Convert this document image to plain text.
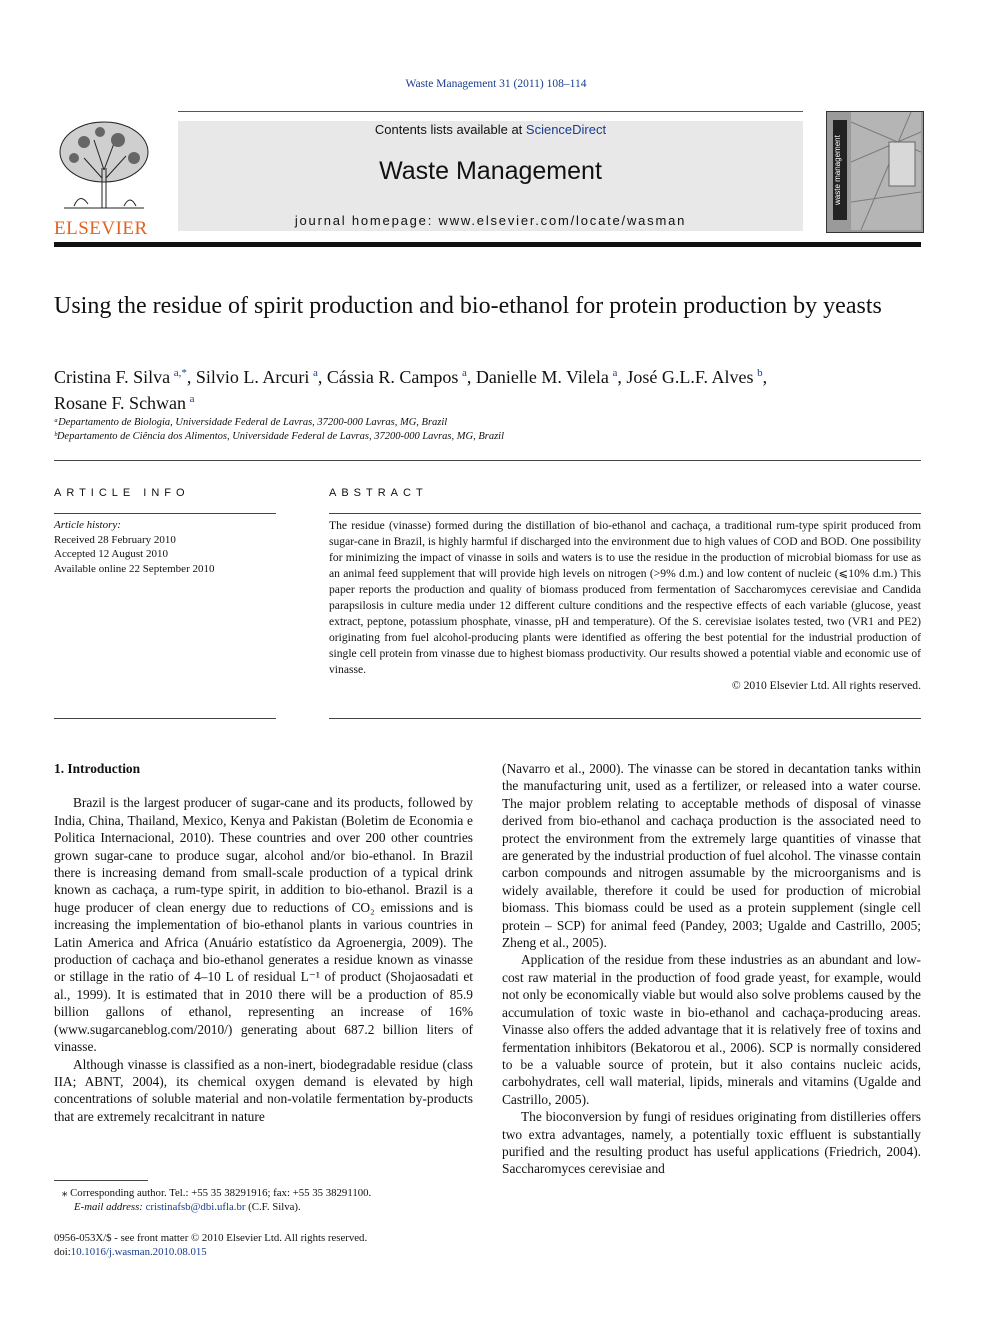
Waste Management 31 (2011) 108–114
ELSEVIER
Contents lists available at ScienceDirect
Waste Management
journal homepage: www.elsevier.com/locate/wasman
waste management
Using the residue of spirit production and bio-ethanol for protein production by yeasts
Cristina F. Silva  $^{a,*}$, Silvio L. Arcuri  $^a$, Cássia R. Campos  $^a$, Danielle M. Vilela  $^a$, José G.L.F. Alves  $^b$,
Rosane F. Schwan  $^a$
ᵃDepartamento de Biologia, Universidade Federal de Lavras, 37200-000 Lavras, MG, Brazil
ᵇDepartamento de Ciência dos Alimentos, Universidade Federal de Lavras, 37200-000 Lavras, MG, Brazil
ARTICLE INFO
Article history:
Received 28 February 2010
Accepted 12 August 2010
Available online 22 September 2010
ABSTRACT
The residue (vinasse) formed during the distillation of bio-ethanol and cachaça, a traditional rum-type spirit produced from sugar-cane in Brazil, is highly harmful if discharged into the environment due to high values of COD and BOD. One possibility for minimizing the impact of vinasse in soils and waters is to use the residue in the production of microbial biomass for use as an animal feed supplement that will provide high levels on nitrogen (>9% d.m.) and low content of nucleic (⩽10% d.m.) This paper reports the production and quality of biomass produced from fermentation of Saccharomyces cerevisiae and Candida parapsilosis in culture media under 12 different culture conditions and the respective effects of each variable (glucose, yeast extract, peptone, potassium phosphate, vinasse, pH and temperature). Of the S. cerevisiae isolates tested, two (VR1 and PE2) originating from fuel alcohol-producing plants were identified as offering the best potential for the industrial production of single cell protein from vinasse due to highest biomass productivity. Our results showed a potential viable and economic use of vinasse.
© 2010 Elsevier Ltd. All rights reserved.
1. Introduction

Brazil is the largest producer of sugar-cane and its products, followed by India, China, Thailand, Mexico, Kenya and Pakistan (Boletim de Economia e Politica Internacional, 2010). These countries and over 200 other countries grown sugar-cane to produce sugar, alcohol and/or bio-ethanol. In Brazil there is increasing demand from small-scale production of a typical drink known as cachaça, a rum-type spirit, in addition to bio-ethanol. Brazil is a huge producer of clean energy due to reductions of CO₂ emissions and is increasing the implementation of bio-ethanol plants in various countries in Latin America and Africa (Anuário estatístico da Agroenergia, 2009). The production of cachaça and bio-ethanol generates a residue known as vinasse or stillage in the ratio of 4–10 L of residual L⁻¹ of product (Shojaosadati et al., 1999). It is estimated that in 2010 there will be a production of 85.9 billion gallons of ethanol, representing an increase of 16% (www.sugarcaneblog.com/2010/) generating about 687.2 billion liters of vinasse.

Although vinasse is classified as a non-inert, biodegradable residue (class IIA; ABNT, 2004), its chemical oxygen demand is elevated by high concentrations of soluble material and non-volatile fermentation by-products that are extremely recalcitrant in nature

(Navarro et al., 2000). The vinasse can be stored in decantation tanks within the manufacturing unit, used as a fertilizer, or released into a water course. The major problem relating to acceptable methods of disposal of vinasse derived from bio-ethanol and cachaça production is the associated need to protect the environment from the extremely large quantities of vinasse that are generated by the industrial production of fuel alcohol. The vinasse contain carbon compounds and nitrogen assumable by the microorganisms and is widely available, therefore it could be used for production of microbial biomass. This biomass could be used as a protein supplement (single cell protein – SCP) for animal feed (Pandey, 2003; Ugalde and Castrillo, 2005; Zheng et al., 2005).

Application of the residue from these industries as an abundant and low-cost raw material in the production of food grade yeast, for example, would not only be economically viable but would also solve problems caused by the accumulation of toxic waste in bio-ethanol and cachaça-producing areas. Vinasse also offers the added advantage that it is relatively free of toxins and fermentation inhibitors (Bekatorou et al., 2006). SCP is normally considered to be a valuable source of protein, but it also contains nucleic acids, carbohydrates, cell wall material, lipids, minerals and vitamins (Ugalde and Castrillo, 2005).

The bioconversion by fungi of residues originating from distilleries offers two extra advantages, namely, a potentially toxic effluent is substantially purified and the resulting product has useful applications (Friedrich, 2004). Saccharomyces cerevisiae and

⁎ Corresponding author. Tel.: +55 35 38291916; fax: +55 35 38291100.
E-mail address: cristinafsb@dbi.ufla.br (C.F. Silva).
0956-053X/$ - see front matter © 2010 Elsevier Ltd. All rights reserved.
doi:10.1016/j.wasman.2010.08.015
